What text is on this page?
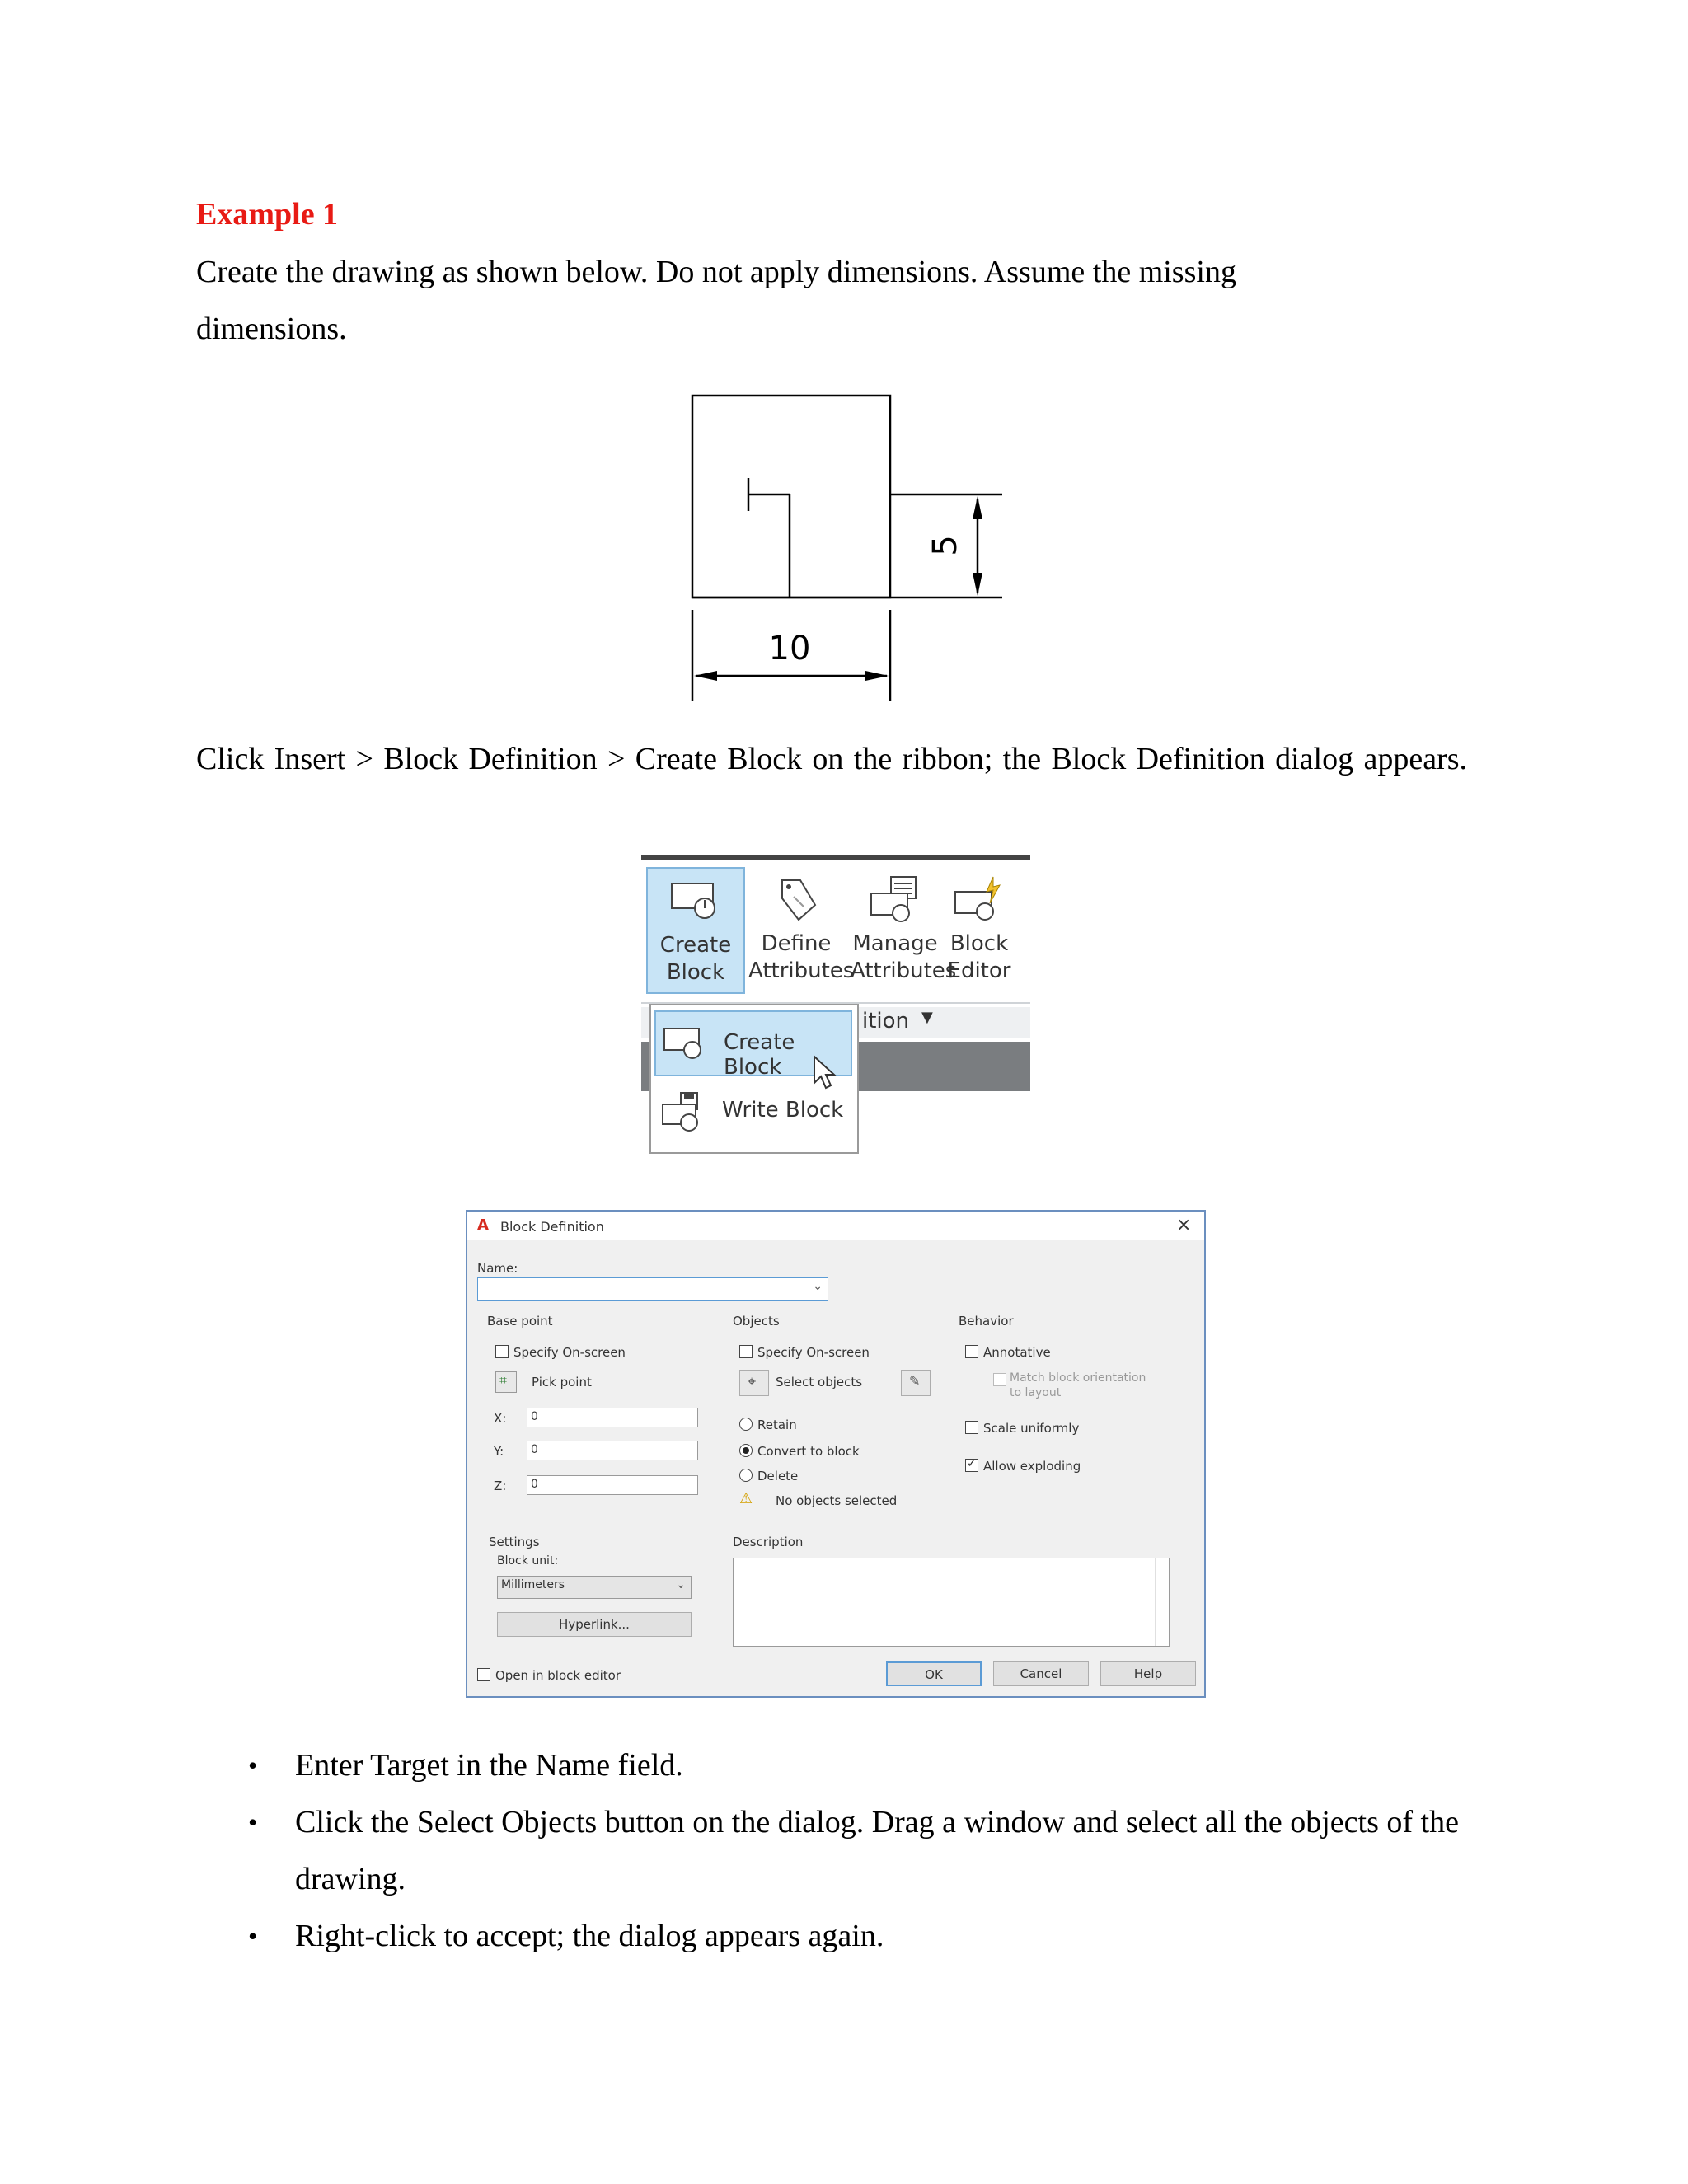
Example 1
Create the drawing as shown below. Do not apply dimensions. Assume the missing dimensions.
10
5
Click Insert > Block Definition > Create Block on the ribbon; the Block Definition dialog appears.
Create
Block
Define
Attributes
Manage
Attributes
Block
Editor
ition ▼
Create Block
Write Block
A Block Definition	×
Name:
⌄
Base point
Specify On-screen
⌗ Pick point
X:	0
Y:	0
Z:	0
Objects
Specify On-screen
⌖ Select objects	✎
Retain
Convert to block
Delete
⚠ No objects selected
Behavior
Annotative
Match block orientation
to layout
Scale uniformly
✓ Allow exploding
Settings
Block unit:
Millimeters	⌄
Hyperlink...
Description
Open in block editor	OK	Cancel	Help
• Enter Target in the Name field.
• Click the Select Objects button on the dialog. Drag a window and select all the objects of the drawing.
• Right-click to accept; the dialog appears again.
